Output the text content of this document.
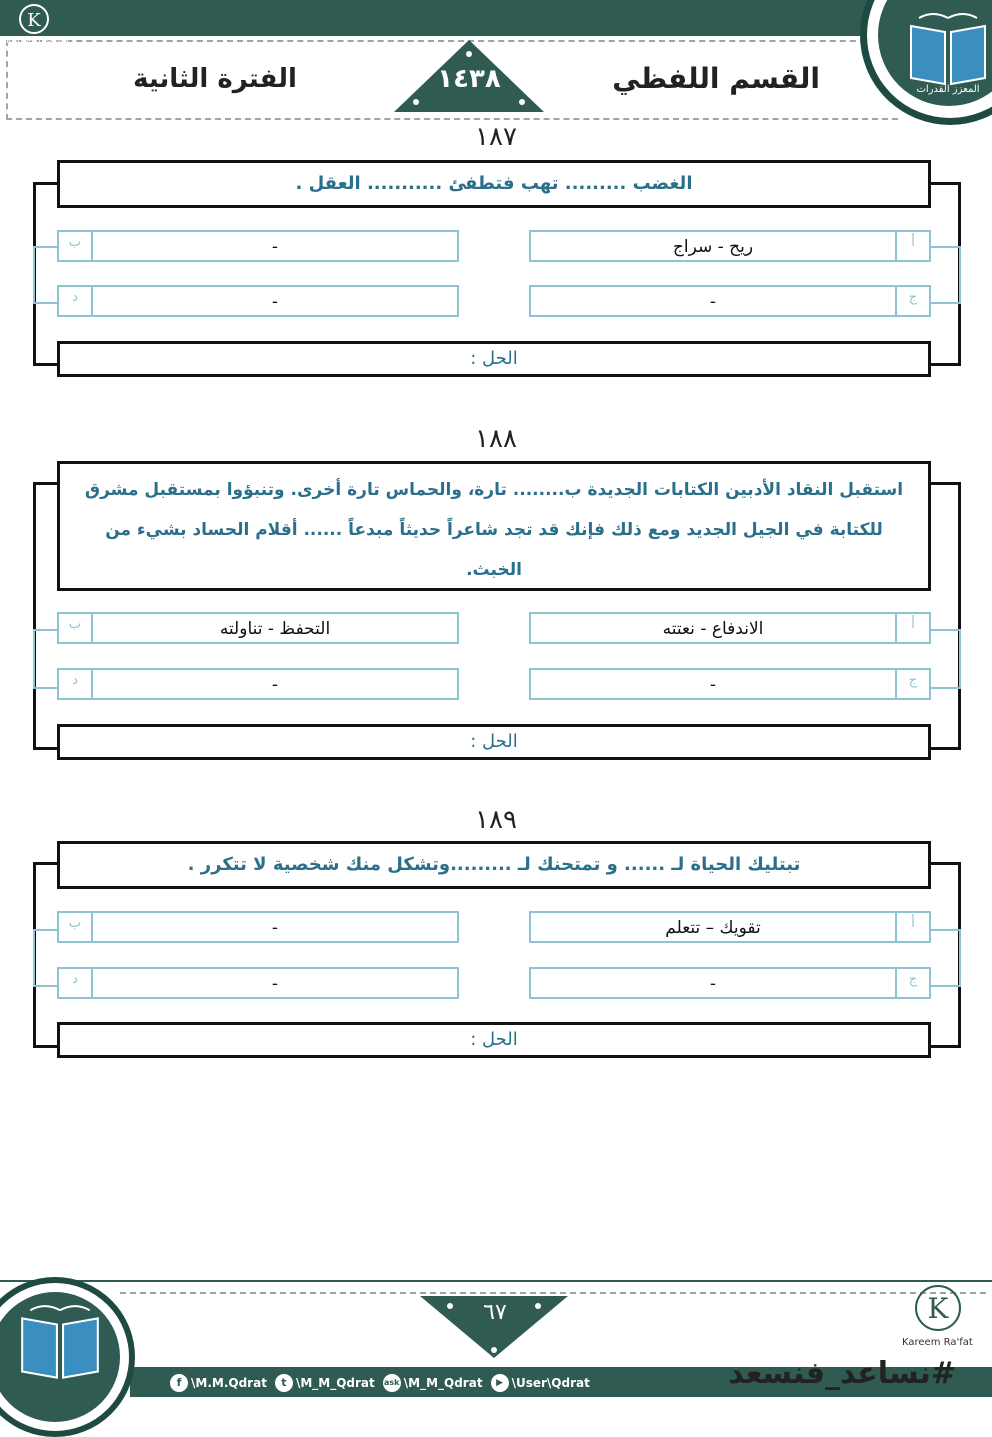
المعزز القدرات
K
Kareem Ra'fat
القسم اللفظي
الفترة الثانية	١٤٣٨
١٨٧
الغضب ......... تهب فتطفئ ........... العقل .
ريح - سراج	أ
ب	-
-	ج
د	-
الحل :
١٨٨
استقبل النقاد الأدبين الكتابات الجديدة ب........ تارة، والحماس تارة أخرى. وتنبؤوا بمستقبل مشرق
للكتابة في الجيل الجديد ومع ذلك فإنك قد تجد شاعراً حديثاً مبدعاً ...... أقلام الحساد بشيء من
الخبث.
الاندفاع - نعتته	أ
ب	التحفظ - تناولته
-	ج
د	-
الحل :
١٨٩
تبتليك الحياة لـ ...... و تمتحنك لـ .........وتشكل منك شخصية لا تتكرر .
تقويك – تتعلم	أ
ب	-
-	ج
د	-
الحل :
٦٧	K
Kareem Ra'fat
f \M.M.Qdrat	t \M_M_Qdrat ask \M_M_Qdrat	▶ \User\Qdrat	#نساعد_فنسعد
